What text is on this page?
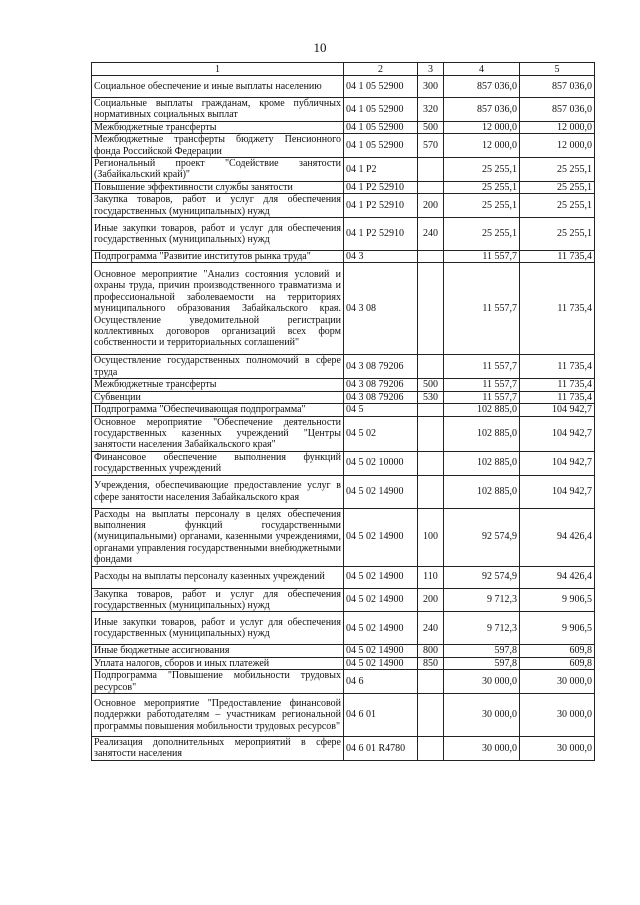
10
1	2	3	4	5
Социальное обеспечение и иные выплаты населению	04 1 05 52900	300	857 036,0	857 036,0
Социальные выплаты гражданам, кроме публичных нормативных социальных выплат	04 1 05 52900	320	857 036,0	857 036,0
Межбюджетные трансферты	04 1 05 52900	500	12 000,0	12 000,0
Межбюджетные трансферты бюджету Пенсионного фонда Российской Федерации	04 1 05 52900	570	12 000,0	12 000,0
Региональный проект "Содействие занятости (Забайкальский край)"	04 1 P2		25 255,1	25 255,1
Повышение эффективности службы занятости	04 1 P2 52910		25 255,1	25 255,1
Закупка товаров, работ и услуг для обеспечения государственных (муниципальных) нужд	04 1 P2 52910	200	25 255,1	25 255,1
Иные закупки товаров, работ и услуг для обеспечения государственных (муниципальных) нужд	04 1 P2 52910	240	25 255,1	25 255,1
Подпрограмма "Развитие институтов рынка труда"	04 3		11 557,7	11 735,4
Основное мероприятие "Анализ состояния условий и охраны труда, причин производственного травматизма и профессиональной заболеваемости на территориях муниципального образования Забайкальского края. Осуществление уведомительной регистрации коллективных договоров организаций всех форм собственности и территориальных соглашений"	04 3 08		11 557,7	11 735,4
Осуществление государственных полномочий в сфере труда	04 3 08 79206		11 557,7	11 735,4
Межбюджетные трансферты	04 3 08 79206	500	11 557,7	11 735,4
Субвенции	04 3 08 79206	530	11 557,7	11 735,4
Подпрограмма "Обеспечивающая подпрограмма"	04 5		102 885,0	104 942,7
Основное мероприятие "Обеспечение деятельности государственных казенных учреждений "Центры занятости населения Забайкальского края"	04 5 02		102 885,0	104 942,7
Финансовое обеспечение выполнения функций государственных учреждений	04 5 02 10000		102 885,0	104 942,7
Учреждения, обеспечивающие предоставление услуг в сфере занятости населения Забайкальского края	04 5 02 14900		102 885,0	104 942,7
Расходы на выплаты персоналу в целях обеспечения выполнения функций государственными (муниципальными) органами, казенными учреждениями, органами управления государственными внебюджетными фондами	04 5 02 14900	100	92 574,9	94 426,4
Расходы на выплаты персоналу казенных учреждений	04 5 02 14900	110	92 574,9	94 426,4
Закупка товаров, работ и услуг для обеспечения государственных (муниципальных) нужд	04 5 02 14900	200	9 712,3	9 906,5
Иные закупки товаров, работ и услуг для обеспечения государственных (муниципальных) нужд	04 5 02 14900	240	9 712,3	9 906,5
Иные бюджетные ассигнования	04 5 02 14900	800	597,8	609,8
Уплата налогов, сборов и иных платежей	04 5 02 14900	850	597,8	609,8
Подпрограмма "Повышение мобильности трудовых ресурсов"	04 6		30 000,0	30 000,0
Основное мероприятие "Предоставление финансовой поддержки работодателям – участникам региональной программы повышения мобильности трудовых ресурсов"	04 6 01		30 000,0	30 000,0
Реализация дополнительных мероприятий в сфере занятости населения	04 6 01 R4780		30 000,0	30 000,0
